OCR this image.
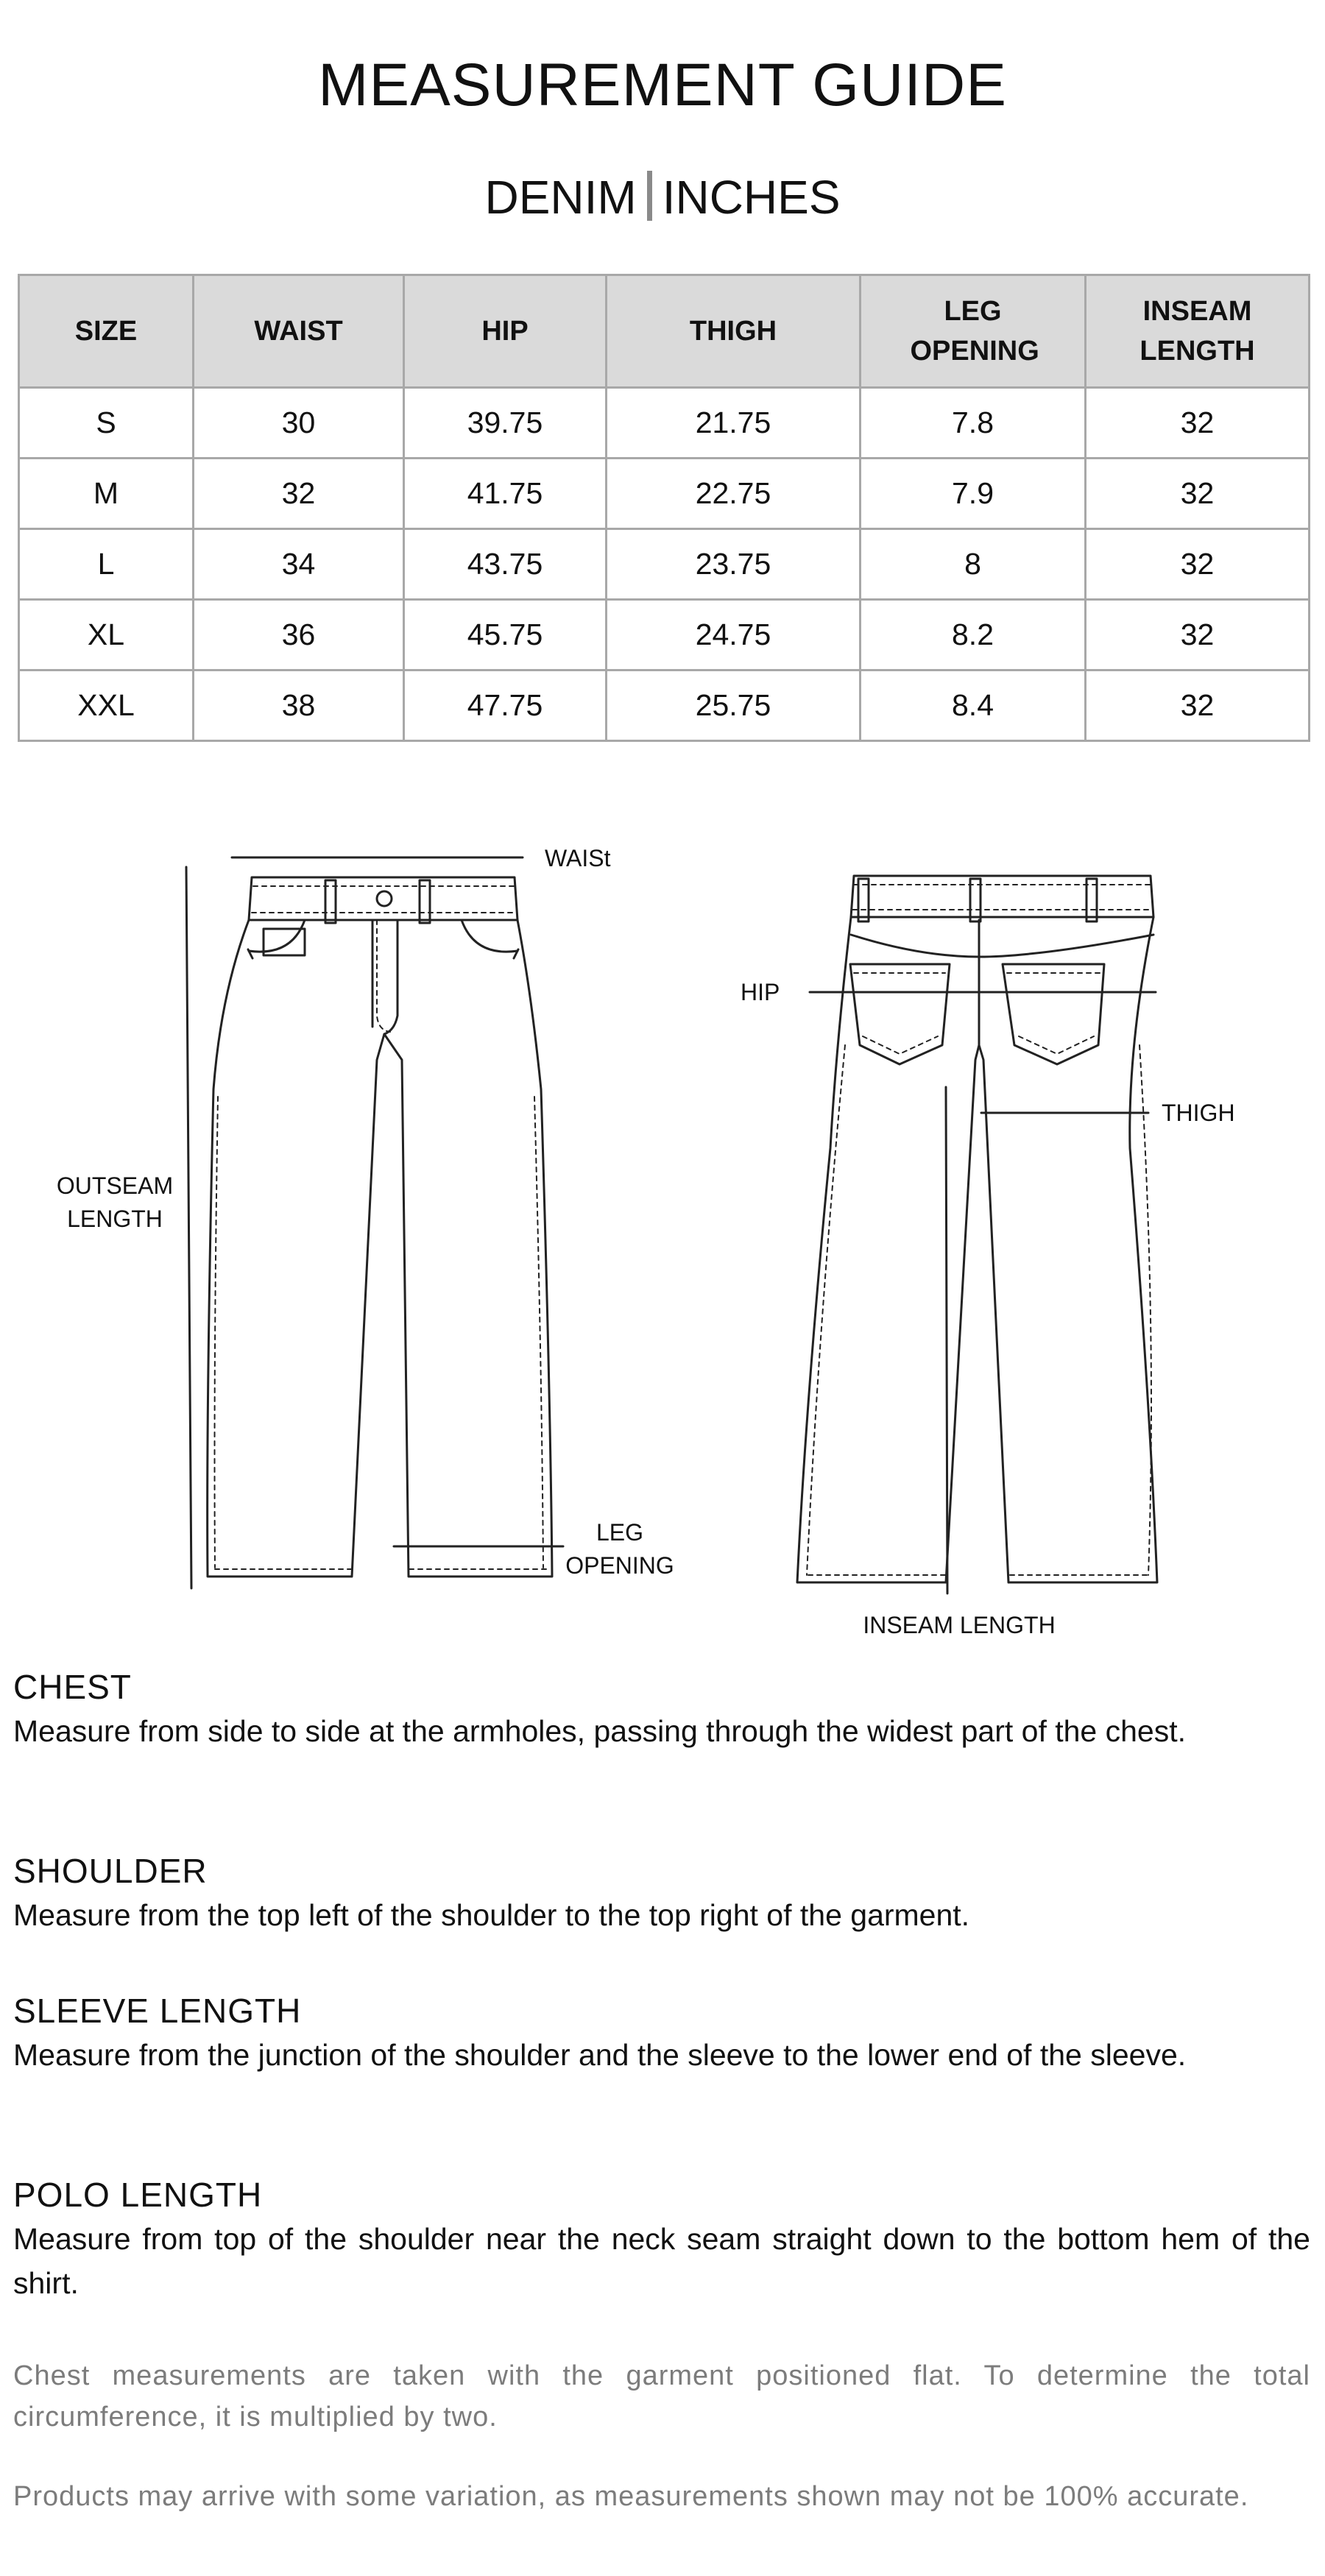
MEASUREMENT GUIDE
DENIM INCHES
SIZE	WAIST	HIP	THIGH	LEG OPENING	INSEAM LENGTH
S	30	39.75	21.75	7.8	32
M	32	41.75	22.75	7.9	32
L	34	43.75	23.75	8	32
XL	36	45.75	24.75	8.2	32
XXL	38	47.75	25.75	8.4	32
WAISt
OUTSEAM
LENGTH
LEG
OPENING
HIP
THIGH
INSEAM LENGTH
CHEST
Measure from side to side at the armholes, passing through the widest part of the chest.
SHOULDER
Measure from the top left of the shoulder to the top right of the garment.
SLEEVE LENGTH
Measure from the junction of the shoulder and the sleeve to the lower end of the sleeve.
POLO LENGTH
Measure from top of the shoulder near the neck seam straight down to the bottom hem of the shirt.
Chest measurements are taken with the garment positioned flat. To determine the total circumference, it is multiplied by two.
Products may arrive with some variation, as measurements shown may not be 100% accurate.
